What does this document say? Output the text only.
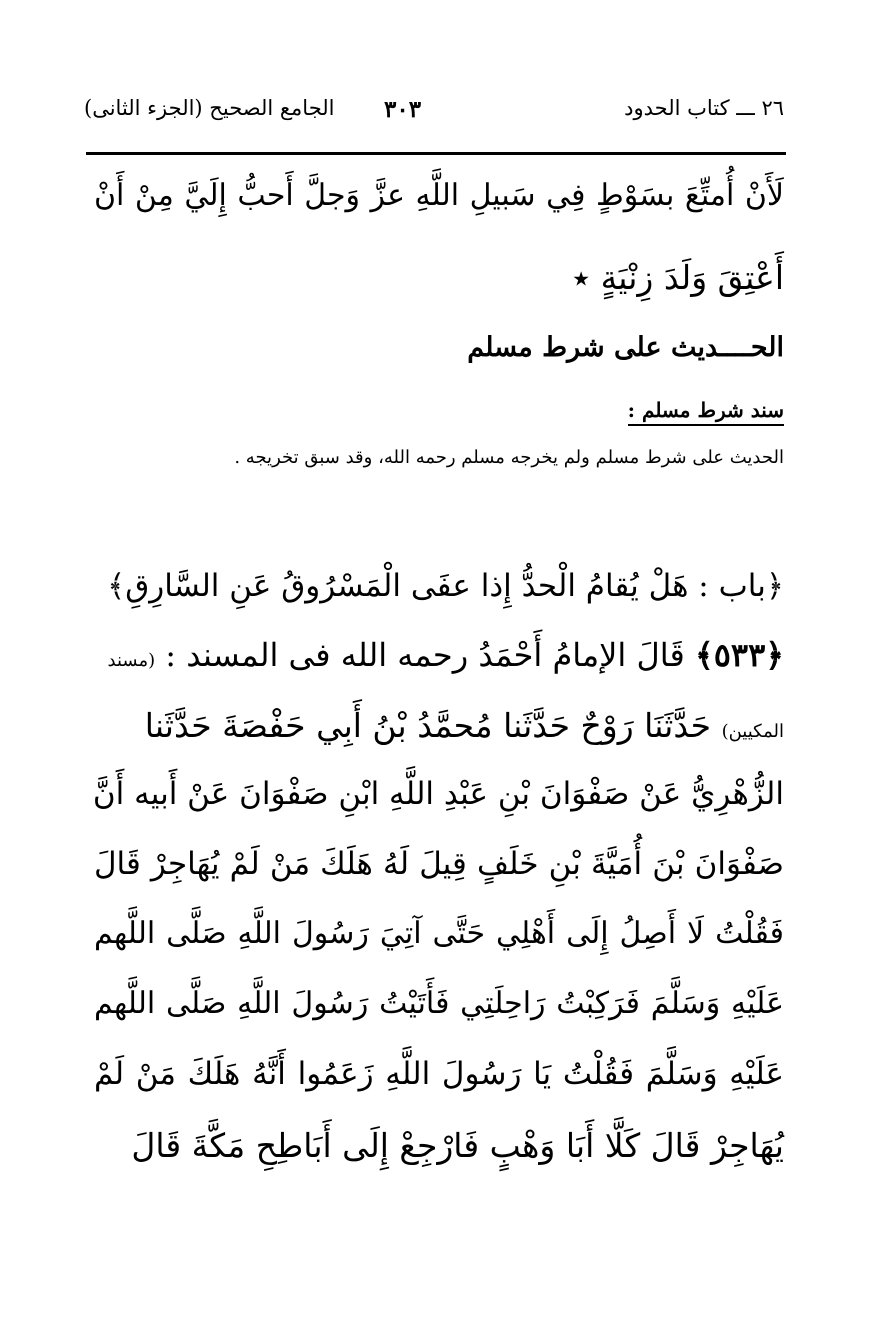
٢٦ ـــ كتاب الحدود
٣٠٣
الجامع الصحيح (الجزء الثانى)
لَأَنْ أُمتِّعَ بسَوْطٍ فِي سَبيلِ اللَّهِ عزَّ وَجلَّ أَحبُّ إِلَيَّ مِنْ أَنْ
أَعْتِقَ وَلَدَ زِنْيَةٍ ٭
الحــــديث على شرط مسلم
سند شرط مسلم :
الحديث على شرط مسلم ولم يخرجه مسلم رحمه الله، وقد سبق تخريجه .
﴿باب : هَلْ يُقامُ الْحدُّ إِذا عفَى الْمَسْرُوقُ عَنِ السَّارِقِ﴾
﴿٥٣٣﴾ قَالَ الإمامُ أَحْمَدُ رحمه الله فى المسند : (مسند
المكيين) حَدَّثَنَا رَوْحٌ حَدَّثَنا مُحمَّدُ بْنُ أَبِي حَفْصَةَ حَدَّثَنا
الزُّهْرِيُّ عَنْ صَفْوَانَ بْنِ عَبْدِ اللَّهِ ابْنِ صَفْوَانَ عَنْ أَبيه أَنَّ
صَفْوَانَ بْنَ أُمَيَّةَ بْنِ خَلَفٍ قِيلَ لَهُ هَلَكَ مَنْ لَمْ يُهَاجِرْ قَالَ
فَقُلْتُ لَا أَصِلُ إِلَى أَهْلِي حَتَّى آتِيَ رَسُولَ اللَّهِ صَلَّى اللَّهم
عَلَيْهِ وَسَلَّمَ فَرَكِبْتُ رَاحِلَتِي فَأَتَيْتُ رَسُولَ اللَّهِ صَلَّى اللَّهم
عَلَيْهِ وَسَلَّمَ فَقُلْتُ يَا رَسُولَ اللَّهِ زَعَمُوا أَنَّهُ هَلَكَ مَنْ لَمْ
يُهَاجِرْ قَالَ كَلَّا أَبَا وَهْبٍ فَارْجِعْ إِلَى أَبَاطِحِ مَكَّةَ قَالَ
